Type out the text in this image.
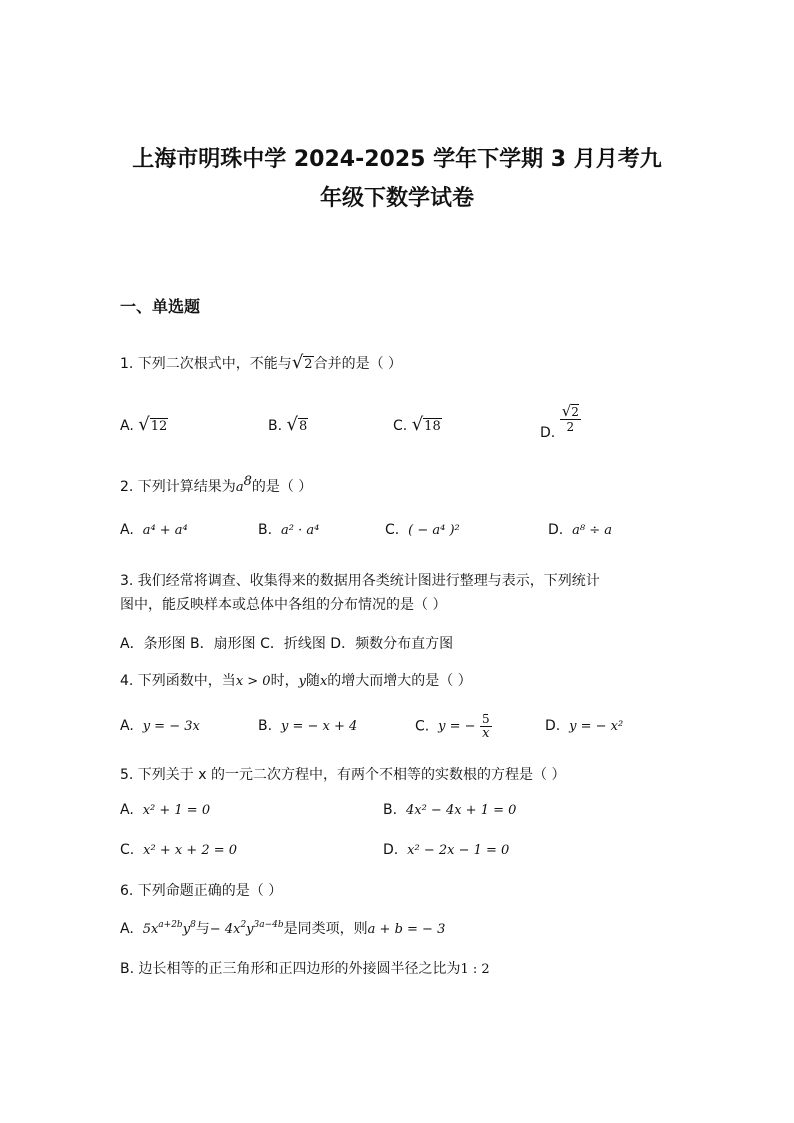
上海市明珠中学 2024-2025 学年下学期 3 月月考九
年级下数学试卷
一、单选题
1. 下列二次根式中，不能与√2合并的是（ ）
A. √12	B. √8	C. √18	D. $\frac{√2}{2}$
2. 下列计算结果为$a^8$的是（ ）
A. a⁴ + a⁴	B. a² · a⁴	C. ( − a⁴ )²	D. a⁸ ÷ a
3. 我们经常将调查、收集得来的数据用各类统计图进行整理与表示，下列统计
图中，能反映样本或总体中各组的分布情况的是（ ）
A．条形图 B．扇形图 C．折线图 D．频数分布直方图
4. 下列函数中，当x > 0时，y随x的增大而增大的是（ ）
A. y = − 3x	B. y = − x + 4	C. y = − $\frac{5}{x}$	D. y = − x²
5. 下列关于 x 的一元二次方程中，有两个不相等的实数根的方程是（ ）
A. x² + 1 = 0	B. 4x² − 4x + 1 = 0
C. x² + x + 2 = 0	D. x² − 2x − 1 = 0
6. 下列命题正确的是（ ）
A. $5x^{a+2b}y^8$与− $4x^2y^{3a-4b}$是同类项，则a + b = − 3
B. 边长相等的正三角形和正四边形的外接圆半径之比为1 : 2
